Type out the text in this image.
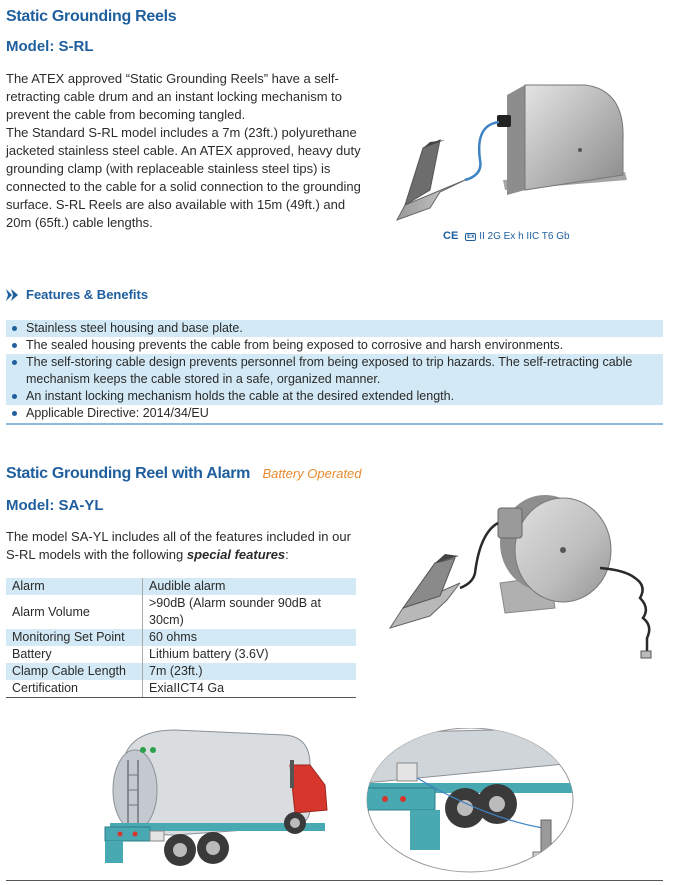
Static Grounding Reels
Model: S-RL

The ATEX approved “Static Grounding Reels” have a self-retracting cable drum and an instant locking mechanism to prevent the cable from becoming tangled.

The Standard S-RL model includes a 7m (23ft.) polyurethane jacketed stainless steel cable. An ATEX approved, heavy duty grounding clamp (with replaceable stainless steel tips) is connected to the cable for a solid connection to the grounding surface. S-RL Reels are also available with 15m (49ft.) and 20m (65ft.) cable lengths.

CE Ex II 2G Ex h IIC T6 Gb
Features & Benefits
Stainless steel housing and base plate.
The sealed housing prevents the cable from being exposed to corrosive and harsh environments.
The self-storing cable design prevents personnel from being exposed to trip hazards. The self-retracting cable mechanism keeps the cable stored in a safe, organized manner.
An instant locking mechanism holds the cable at the desired extended length.
Applicable Directive: 2014/34/EU
Static Grounding Reel with Alarm Battery Operated
Model: SA-YL
The model SA-YL includes all of the features included in our S-RL models with the following special features:
Alarm	Audible alarm
Alarm Volume	>90dB (Alarm sounder 90dB at 30cm)
Monitoring Set Point	60 ohms
Battery	Lithium battery (3.6V)
Clamp Cable Length	7m (23ft.)
Certification	ExiaIICT4 Ga
